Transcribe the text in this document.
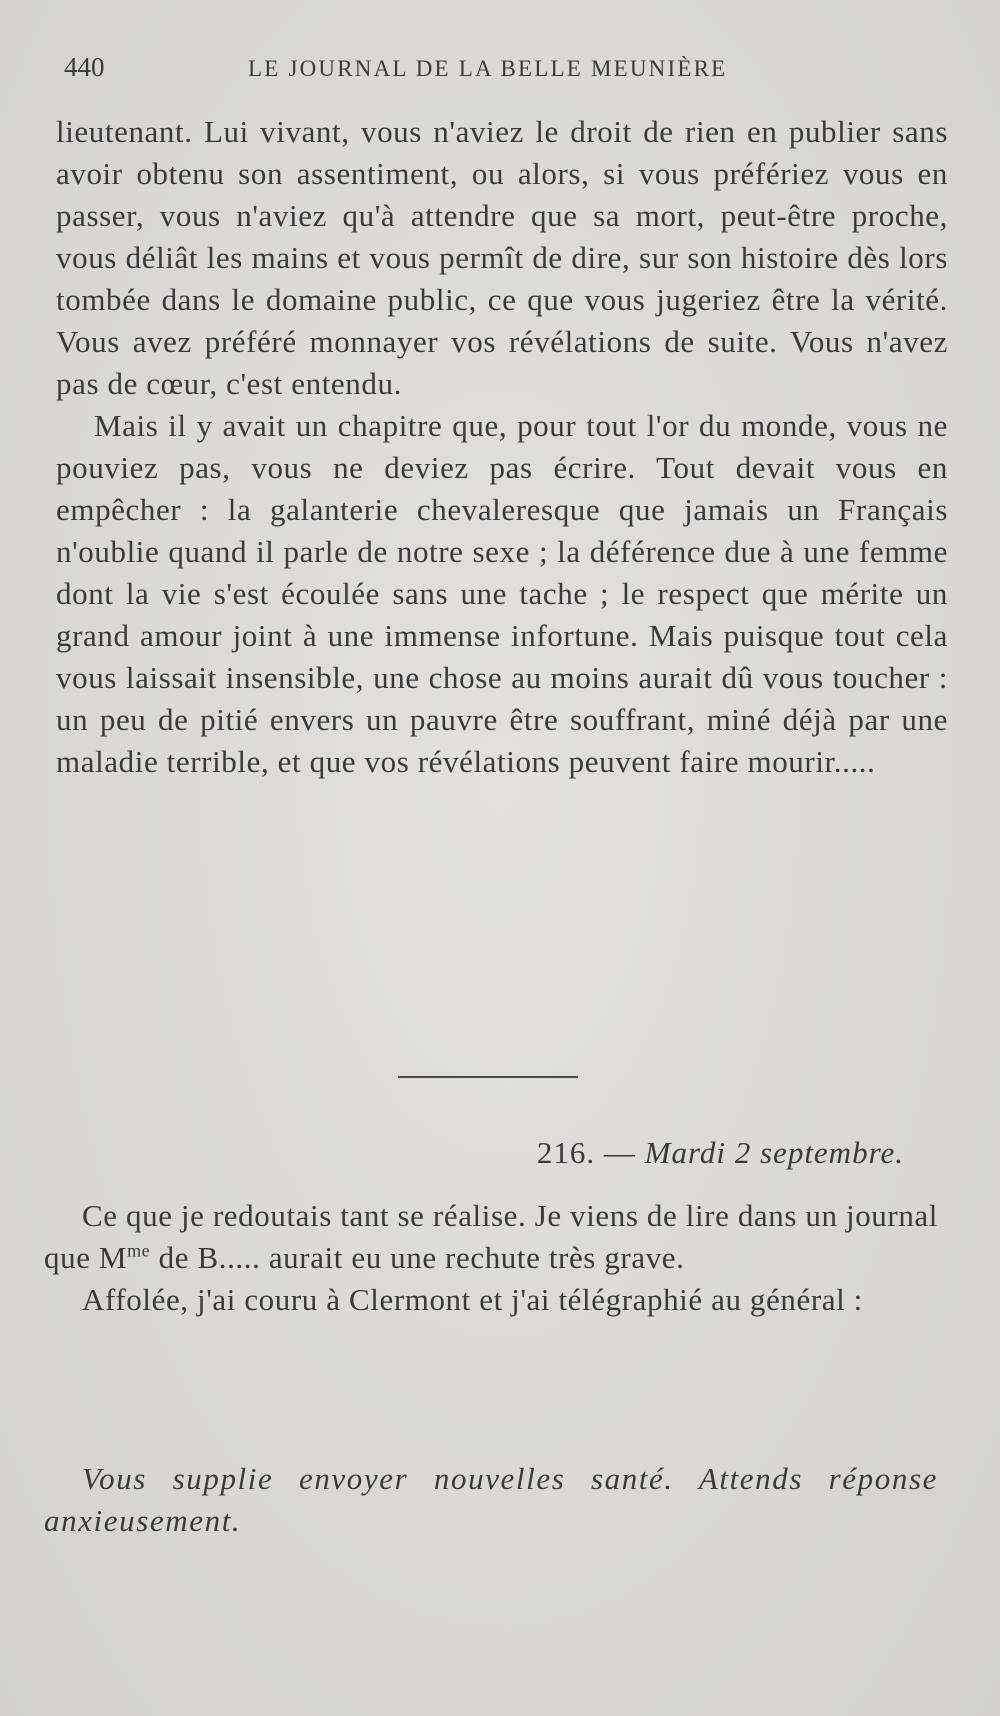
440	LE JOURNAL DE LA BELLE MEUNIÈRE

lieutenant. Lui vivant, vous n'aviez le droit de rien en publier sans avoir obtenu son assentiment, ou alors, si vous préfériez vous en passer, vous n'aviez qu'à attendre que sa mort, peut-être proche, vous déliât les mains et vous permît de dire, sur son histoire dès lors tombée dans le domaine public, ce que vous jugeriez être la vérité. Vous avez préféré monnayer vos révélations de suite. Vous n'avez pas de cœur, c'est entendu.

Mais il y avait un chapitre que, pour tout l'or du monde, vous ne pouviez pas, vous ne deviez pas écrire. Tout devait vous en empêcher : la galanterie chevaleresque que jamais un Français n'oublie quand il parle de notre sexe ; la déférence due à une femme dont la vie s'est écoulée sans une tache ; le respect que mérite un grand amour joint à une immense infortune. Mais puisque tout cela vous laissait insensible, une chose au moins aurait dû vous toucher : un peu de pitié envers un pauvre être souffrant, miné déjà par une maladie terrible, et que vos révélations peuvent faire mourir.....

216. — Mardi 2 septembre.

Ce que je redoutais tant se réalise. Je viens de lire dans un journal que $M^{me}$ de B..... aurait eu une rechute très grave.

Affolée, j'ai couru à Clermont et j'ai télégraphié au général :

Vous supplie envoyer nouvelles santé. Attends réponse anxieusement.
